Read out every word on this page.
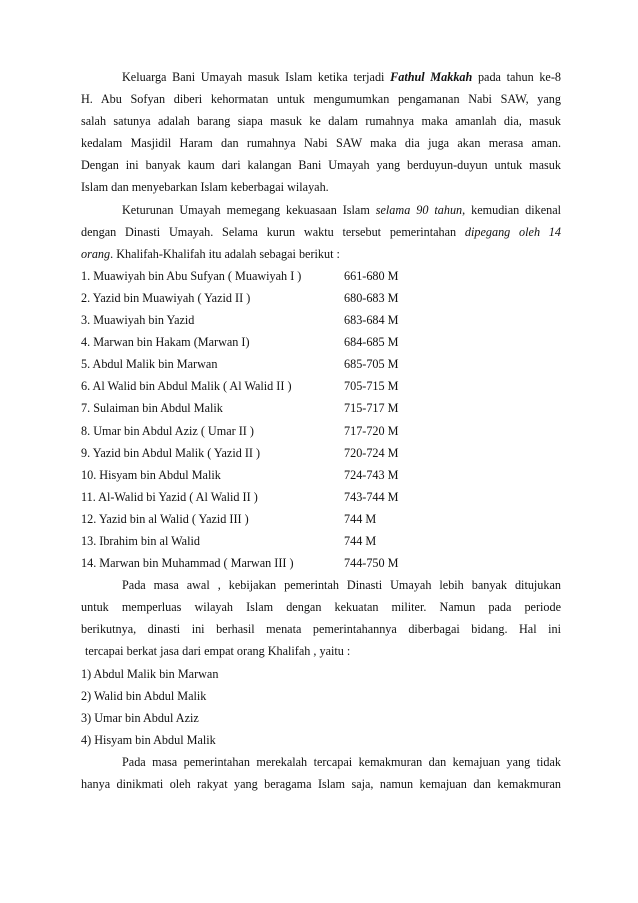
Keluarga Bani Umayah masuk Islam ketika terjadi Fathul Makkah pada tahun ke-8
H. Abu Sofyan diberi kehormatan untuk mengumumkan pengamanan Nabi SAW, yang
salah satunya adalah barang siapa masuk ke dalam rumahnya maka amanlah dia, masuk
kedalam Masjidil Haram dan rumahnya Nabi SAW maka dia juga akan merasa aman.
Dengan ini banyak kaum dari kalangan Bani Umayah yang berduyun-duyun untuk masuk
Islam dan menyebarkan Islam keberbagai wilayah.
Keturunan Umayah memegang kekuasaan Islam selama 90 tahun, kemudian dikenal
dengan Dinasti Umayah. Selama kurun waktu tersebut pemerintahan dipegang oleh 14
orang. Khalifah-Khalifah itu adalah sebagai berikut :
1. Muawiyah bin Abu Sufyan ( Muawiyah I )	661-680 M
2. Yazid bin Muawiyah ( Yazid II )	680-683 M
3. Muawiyah bin Yazid	683-684 M
4. Marwan bin Hakam (Marwan I)	684-685 M
5. Abdul Malik bin Marwan	685-705 M
6. Al Walid bin Abdul Malik ( Al Walid II )	705-715 M
7. Sulaiman bin Abdul Malik	715-717 M
8. Umar bin Abdul Aziz ( Umar II )	717-720 M
9. Yazid bin Abdul Malik ( Yazid II )	720-724 M
10. Hisyam bin Abdul Malik	724-743 M
11. Al-Walid bi Yazid ( Al Walid II )	743-744 M
12. Yazid bin al Walid ( Yazid III )	744 M
13. Ibrahim bin al Walid	744 M
14. Marwan bin Muhammad ( Marwan III )	744-750 M
Pada masa awal , kebijakan pemerintah Dinasti Umayah lebih banyak ditujukan
untuk memperluas wilayah Islam dengan kekuatan militer. Namun pada periode
berikutnya, dinasti ini berhasil menata pemerintahannya diberbagai bidang. Hal ini
tercapai berkat jasa dari empat orang Khalifah , yaitu :
1) Abdul Malik bin Marwan
2) Walid bin Abdul Malik
3) Umar bin Abdul Aziz
4) Hisyam bin Abdul Malik
Pada masa pemerintahan merekalah tercapai kemakmuran dan kemajuan yang tidak
hanya dinikmati oleh rakyat yang beragama Islam saja, namun kemajuan dan kemakmuran
